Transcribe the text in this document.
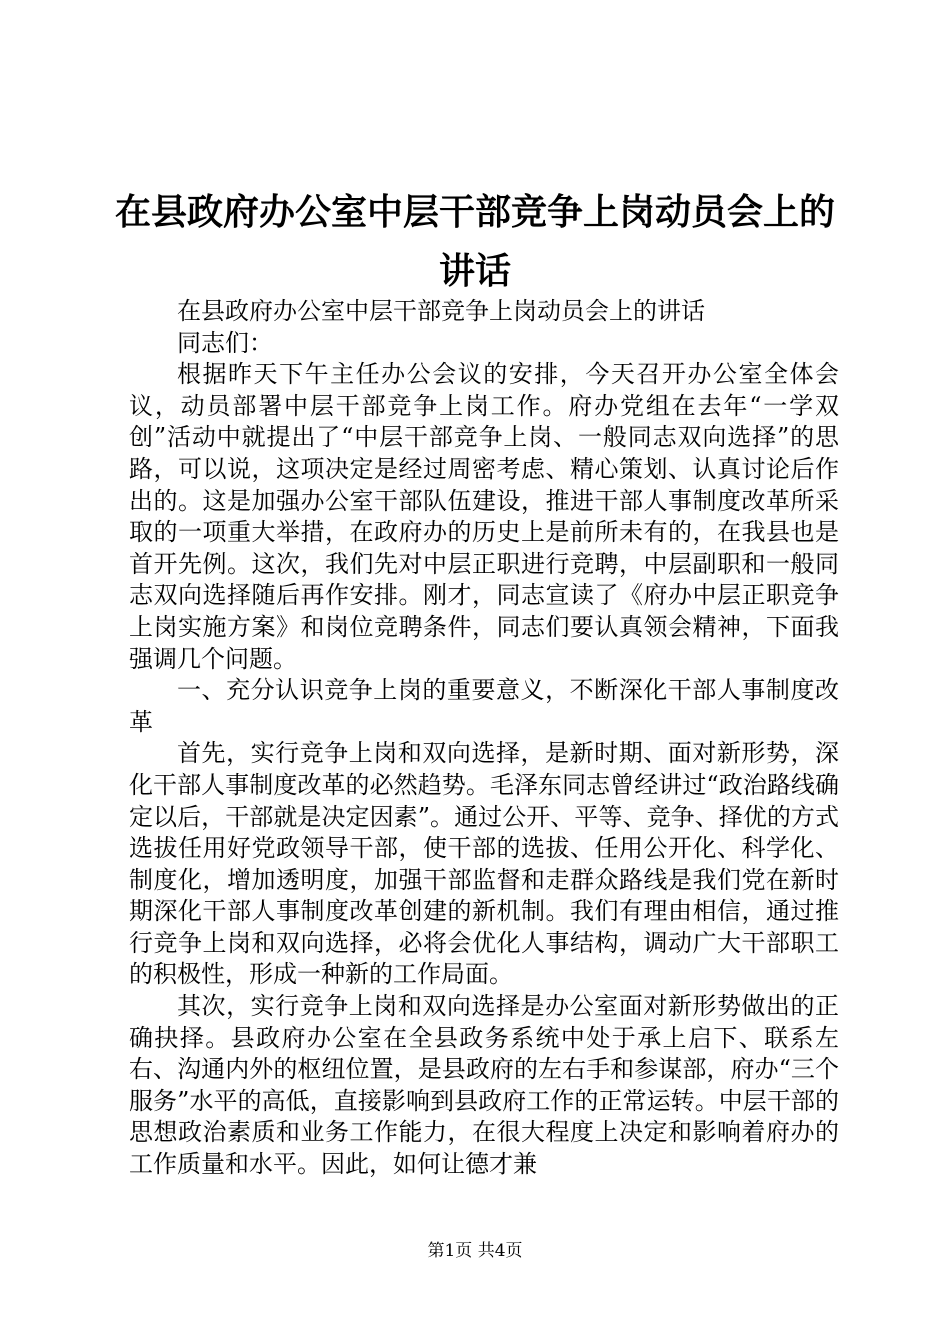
在县政府办公室中层干部竞争上岗动员会上的
讲话

在县政府办公室中层干部竞争上岗动员会上的讲话

同志们：

根据昨天下午主任办公会议的安排，今天召开办公室全体会议，动员部署中层干部竞争上岗工作。府办党组在去年“一学双创”活动中就提出了“中层干部竞争上岗、一般同志双向选择”的思路，可以说，这项决定是经过周密考虑、精心策划、认真讨论后作出的。这是加强办公室干部队伍建设，推进干部人事制度改革所采取的一项重大举措，在政府办的历史上是前所未有的，在我县也是首开先例。这次，我们先对中层正职进行竞聘，中层副职和一般同志双向选择随后再作安排。刚才，同志宣读了《府办中层正职竞争上岗实施方案》和岗位竞聘条件，同志们要认真领会精神，下面我强调几个问题。

一、充分认识竞争上岗的重要意义，不断深化干部人事制度改革

首先，实行竞争上岗和双向选择，是新时期、面对新形势，深化干部人事制度改革的必然趋势。毛泽东同志曾经讲过“政治路线确定以后，干部就是决定因素”。通过公开、平等、竞争、择优的方式选拔任用好党政领导干部，使干部的选拔、任用公开化、科学化、制度化，增加透明度，加强干部监督和走群众路线是我们党在新时期深化干部人事制度改革创建的新机制。我们有理由相信，通过推行竞争上岗和双向选择，必将会优化人事结构，调动广大干部职工的积极性，形成一种新的工作局面。

其次，实行竞争上岗和双向选择是办公室面对新形势做出的正确抉择。县政府办公室在全县政务系统中处于承上启下、联系左右、沟通内外的枢纽位置，是县政府的左右手和参谋部，府办“三个服务”水平的高低，直接影响到县政府工作的正常运转。中层干部的思想政治素质和业务工作能力，在很大程度上决定和影响着府办的工作质量和水平。因此，如何让德才兼

第1页 共4页
